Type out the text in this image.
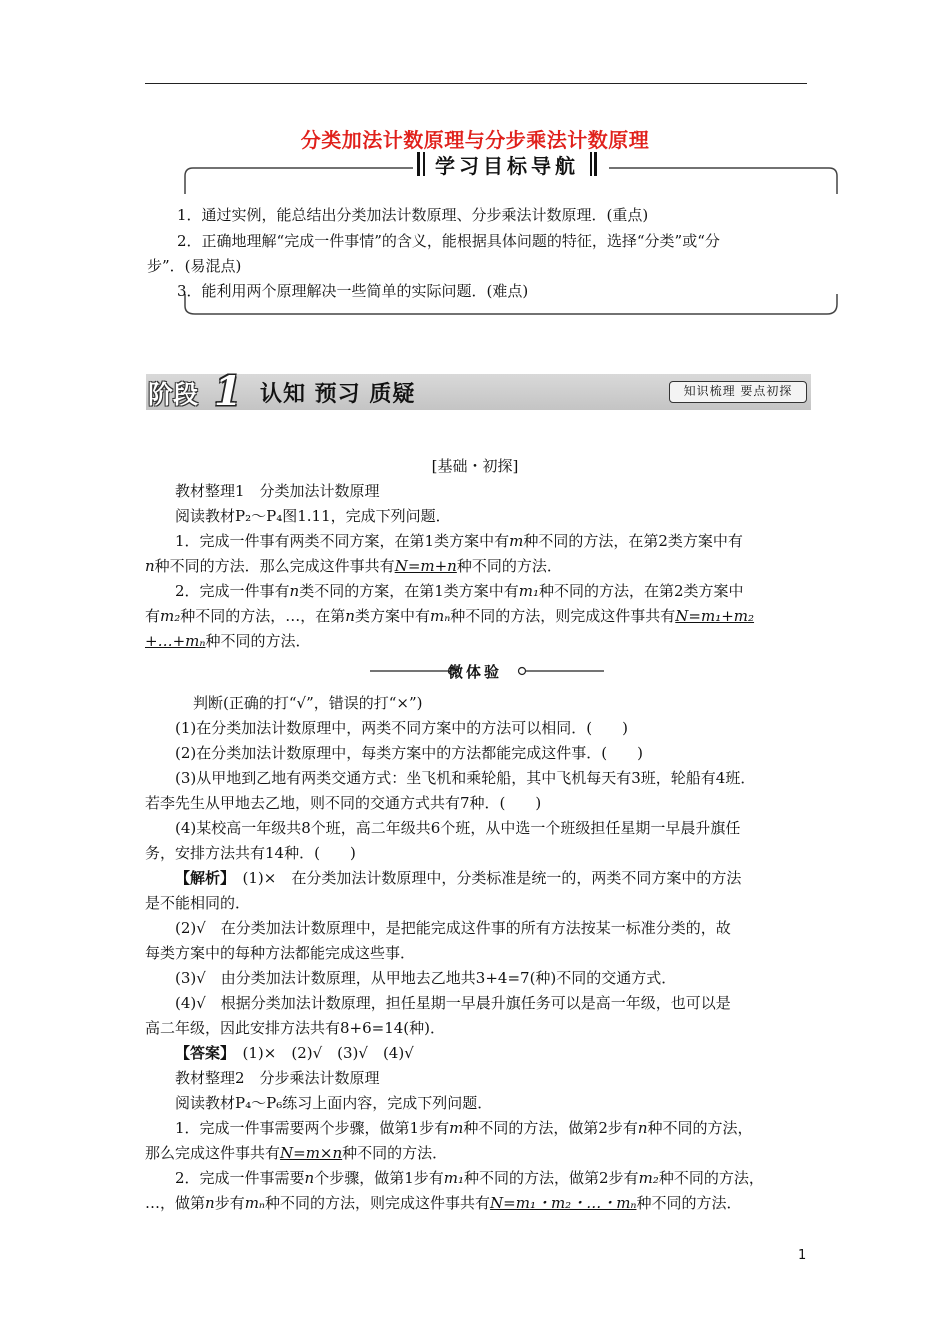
分类加法计数原理与分步乘法计数原理
学习目标导航
1．通过实例，能总结出分类加法计数原理、分步乘法计数原理．(重点)
2．正确地理解“完成一件事情”的含义，能根据具体问题的特征，选择“分类”或“分
步”．(易混点)
3．能利用两个原理解决一些简单的实际问题．(难点)
阶段 1 认知 预习 质疑	知识梳理 要点初探
[基础・初探]
教材整理1　分类加法计数原理
阅读教材P₂～P₄图1.11，完成下列问题．
1．完成一件事有两类不同方案，在第1类方案中有m种不同的方法，在第2类方案中有
n种不同的方法．那么完成这件事共有N=m+n种不同的方法．
2．完成一件事有n类不同的方案，在第1类方案中有m₁种不同的方法，在第2类方案中
有m₂种不同的方法，…，在第n类方案中有mₙ种不同的方法，则完成这件事共有N=m₁+m₂
+…+mₙ种不同的方法．
微体验
判断(正确的打“√”，错误的打“×”)
(1)在分类加法计数原理中，两类不同方案中的方法可以相同．(　　)
(2)在分类加法计数原理中，每类方案中的方法都能完成这件事．(　　)
(3)从甲地到乙地有两类交通方式：坐飞机和乘轮船，其中飞机每天有3班，轮船有4班．
若李先生从甲地去乙地，则不同的交通方式共有7种．(　　)
(4)某校高一年级共8个班，高二年级共6个班，从中选一个班级担任星期一早晨升旗任
务，安排方法共有14种．(　　)
【解析】　 (1)×　在分类加法计数原理中，分类标准是统一的，两类不同方案中的方法
是不能相同的．
(2)√　在分类加法计数原理中，是把能完成这件事的所有方法按某一标准分类的，故
每类方案中的每种方法都能完成这些事．
(3)√　由分类加法计数原理，从甲地去乙地共3+4=7(种)不同的交通方式．
(4)√　根据分类加法计数原理，担任星期一早晨升旗任务可以是高一年级，也可以是
高二年级，因此安排方法共有8+6=14(种)．
【答案】　 (1)×　(2)√　(3)√　(4)√
教材整理2　分步乘法计数原理
阅读教材P₄～P₆练习上面内容，完成下列问题．
1．完成一件事需要两个步骤，做第1步有m种不同的方法，做第2步有n种不同的方法，
那么完成这件事共有N=m×n种不同的方法．
2．完成一件事需要n个步骤，做第1步有m₁种不同的方法，做第2步有m₂种不同的方法，
…，做第n步有mₙ种不同的方法，则完成这件事共有N=m₁・m₂・…・mₙ种不同的方法．
1
